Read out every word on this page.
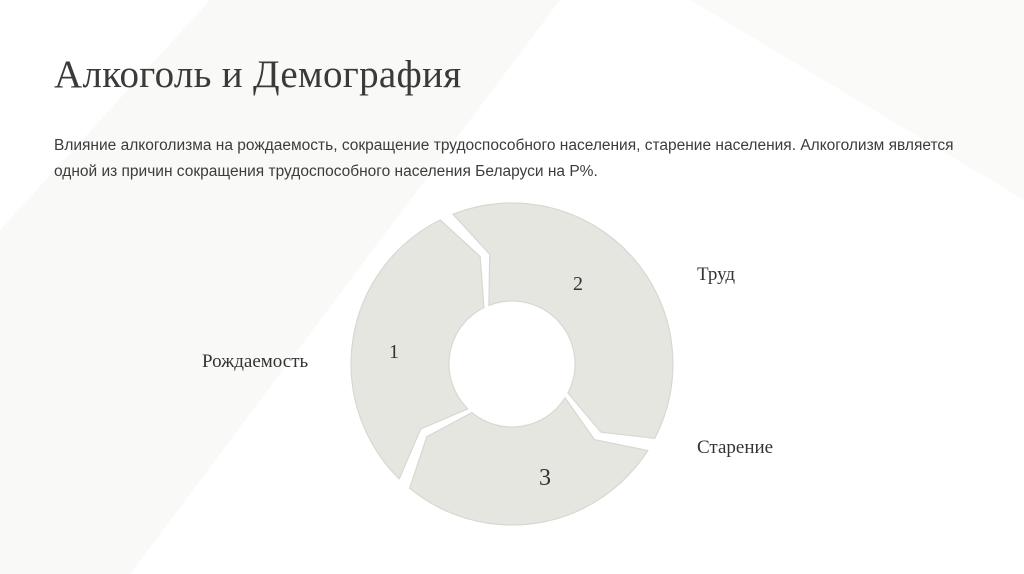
Алкоголь и Демография

Влияние алкоголизма на рождаемость, сокращение трудоспособного населения, старение населения. Алкоголизм является одной из причин сокращения трудоспособного населения Беларуси на Р%.

1
2
3
Рождаемость
Труд
Старение
